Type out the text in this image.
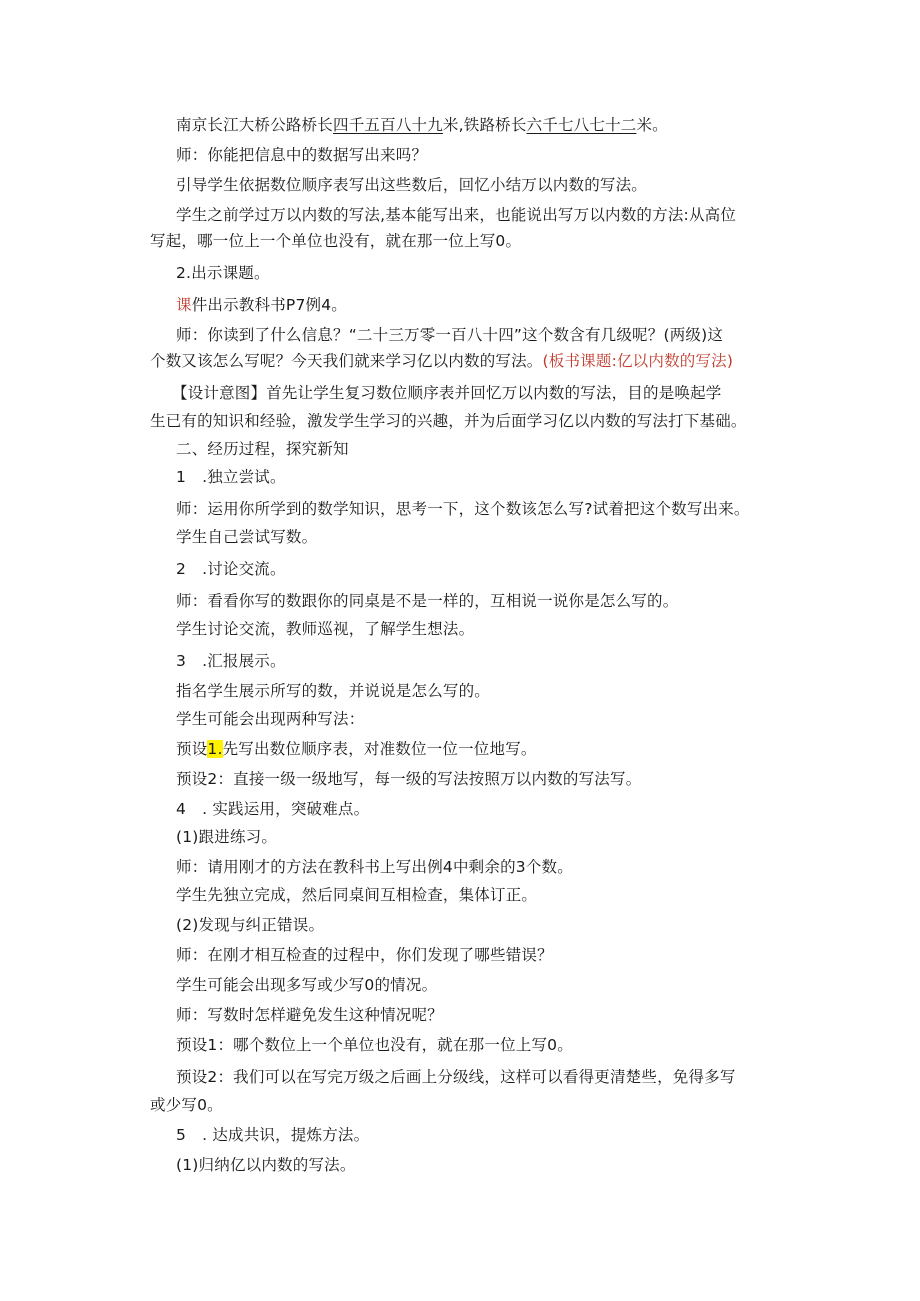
南京长江大桥公路桥长四千五百八十九米,铁路桥长六千七八七十二米。
师：你能把信息中的数据写出来吗？
引导学生依据数位顺序表写出这些数后，回忆小结万以内数的写法。
学生之前学过万以内数的写法,基本能写出来，也能说出写万以内数的方法:从高位
写起，哪一位上一个单位也没有，就在那一位上写0。
2.出示课题。
课件出示教科书P7例4。
师：你读到了什么信息？“二十三万零一百八十四”这个数含有几级呢？(两级)这
个数又该怎么写呢？今天我们就来学习亿以内数的写法。(板书课题:亿以内数的写法)
【设计意图】首先让学生复习数位顺序表并回忆万以内数的写法，目的是唤起学
生已有的知识和经验，激发学生学习的兴趣，并为后面学习亿以内数的写法打下基础。
二、经历过程，探究新知
1 .独立尝试。
师：运用你所学到的数学知识，思考一下，这个数该怎么写?试着把这个数写出来。
学生自己尝试写数。
2 .讨论交流。
师：看看你写的数跟你的同桌是不是一样的，互相说一说你是怎么写的。
学生讨论交流，教师巡视，了解学生想法。
3 .汇报展示。
指名学生展示所写的数，并说说是怎么写的。
学生可能会出现两种写法：
预设1.先写出数位顺序表，对准数位一位一位地写。
预设2：直接一级一级地写，每一级的写法按照万以内数的写法写。
4 . 实践运用，突破难点。
(1)跟进练习。
师：请用刚才的方法在教科书上写出例4中剩余的3个数。
学生先独立完成，然后同桌间互相检查，集体订正。
(2)发现与纠正错误。
师：在刚才相互检查的过程中，你们发现了哪些错误？
学生可能会出现多写或少写0的情况。
师：写数时怎样避免发生这种情况呢？
预设1：哪个数位上一个单位也没有，就在那一位上写0。
预设2：我们可以在写完万级之后画上分级线，这样可以看得更清楚些，免得多写
或少写0。
5 . 达成共识，提炼方法。
(1)归纳亿以内数的写法。
